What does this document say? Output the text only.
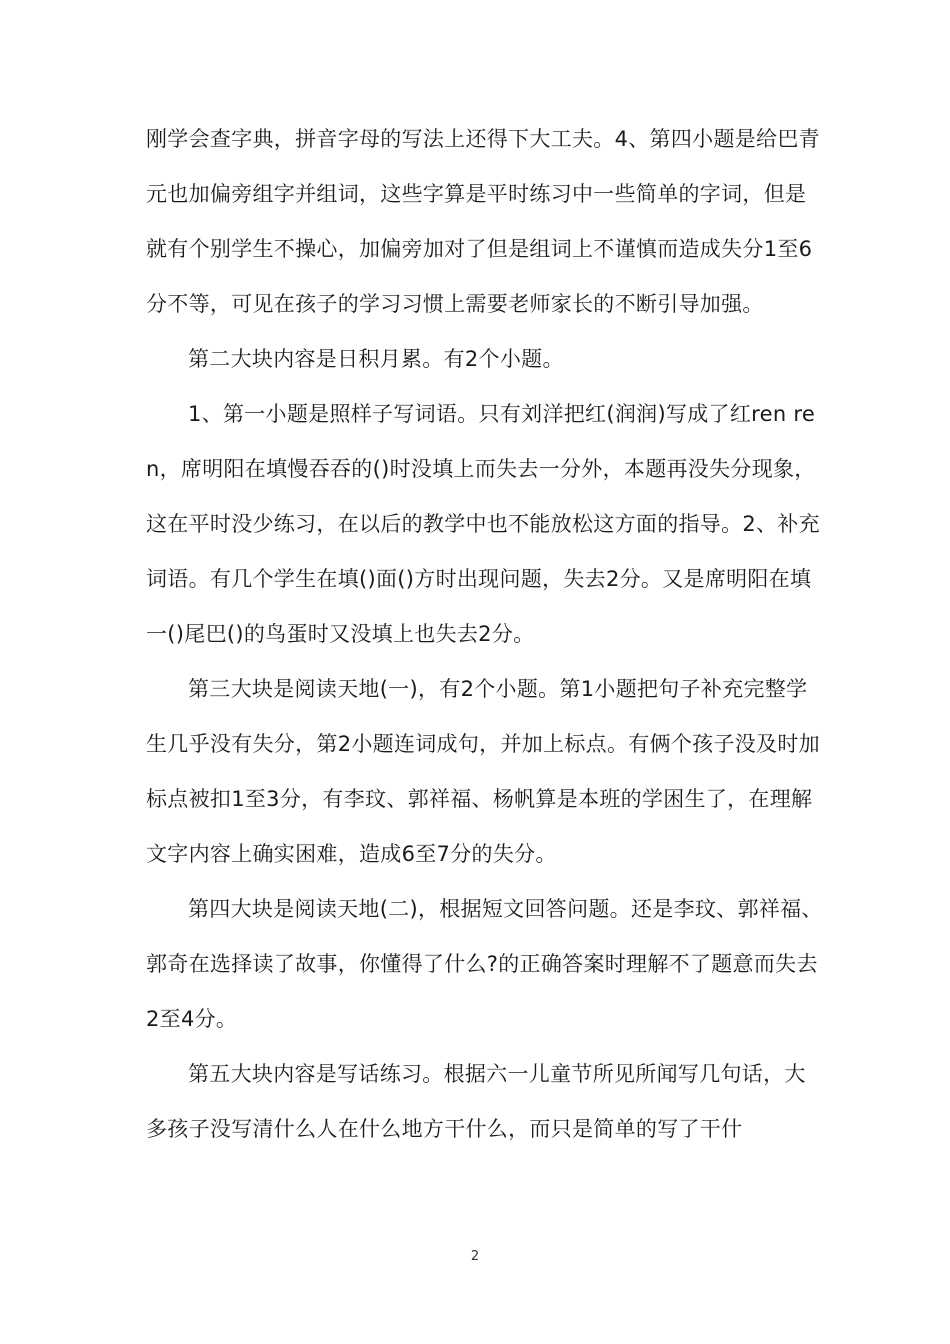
刚学会查字典，拼音字母的写法上还得下大工夫。4、第四小题是给巴青元也加偏旁组字并组词，这些字算是平时练习中一些简单的字词，但是就有个别学生不操心，加偏旁加对了但是组词上不谨慎而造成失分1至6分不等，可见在孩子的学习习惯上需要老师家长的不断引导加强。

第二大块内容是日积月累。有2个小题。

1、第一小题是照样子写词语。只有刘洋把红(润润)写成了红ren ren，席明阳在填慢吞吞的()时没填上而失去一分外，本题再没失分现象，这在平时没少练习，在以后的教学中也不能放松这方面的指导。2、补充词语。有几个学生在填()面()方时出现问题，失去2分。又是席明阳在填一()尾巴()的鸟蛋时又没填上也失去2分。

第三大块是阅读天地(一)，有2个小题。第1小题把句子补充完整学生几乎没有失分，第2小题连词成句，并加上标点。有俩个孩子没及时加标点被扣1至3分，有李玟、郭祥福、杨帆算是本班的学困生了，在理解文字内容上确实困难，造成6至7分的失分。

第四大块是阅读天地(二)，根据短文回答问题。还是李玟、郭祥福、郭奇在选择读了故事，你懂得了什么?的正确答案时理解不了题意而失去2至4分。

第五大块内容是写话练习。根据六一儿童节所见所闻写几句话，大多孩子没写清什么人在什么地方干什么，而只是简单的写了干什

2
